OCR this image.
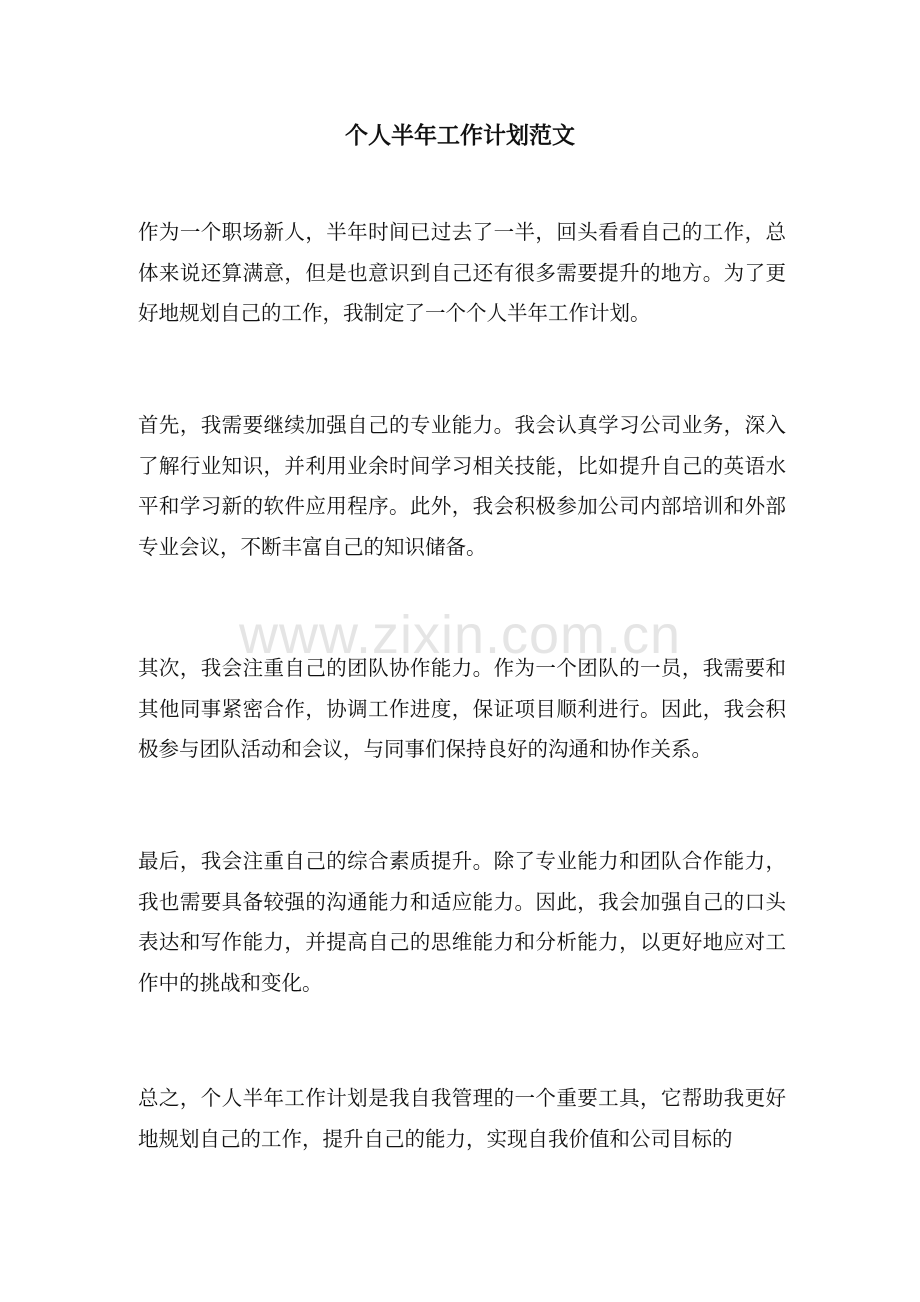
个人半年工作计划范文

作为一个职场新人，半年时间已过去了一半，回头看看自己的工作，总体来说还算满意，但是也意识到自己还有很多需要提升的地方。为了更好地规划自己的工作，我制定了一个个人半年工作计划。

首先，我需要继续加强自己的专业能力。我会认真学习公司业务，深入了解行业知识，并利用业余时间学习相关技能，比如提升自己的英语水平和学习新的软件应用程序。此外，我会积极参加公司内部培训和外部专业会议，不断丰富自己的知识储备。

其次，我会注重自己的团队协作能力。作为一个团队的一员，我需要和其他同事紧密合作，协调工作进度，保证项目顺利进行。因此，我会积极参与团队活动和会议，与同事们保持良好的沟通和协作关系。

最后，我会注重自己的综合素质提升。除了专业能力和团队合作能力，我也需要具备较强的沟通能力和适应能力。因此，我会加强自己的口头表达和写作能力，并提高自己的思维能力和分析能力，以更好地应对工作中的挑战和变化。

总之，个人半年工作计划是我自我管理的一个重要工具，它帮助我更好地规划自己的工作，提升自己的能力，实现自我价值和公司目标的

www.zixin.com.cn
